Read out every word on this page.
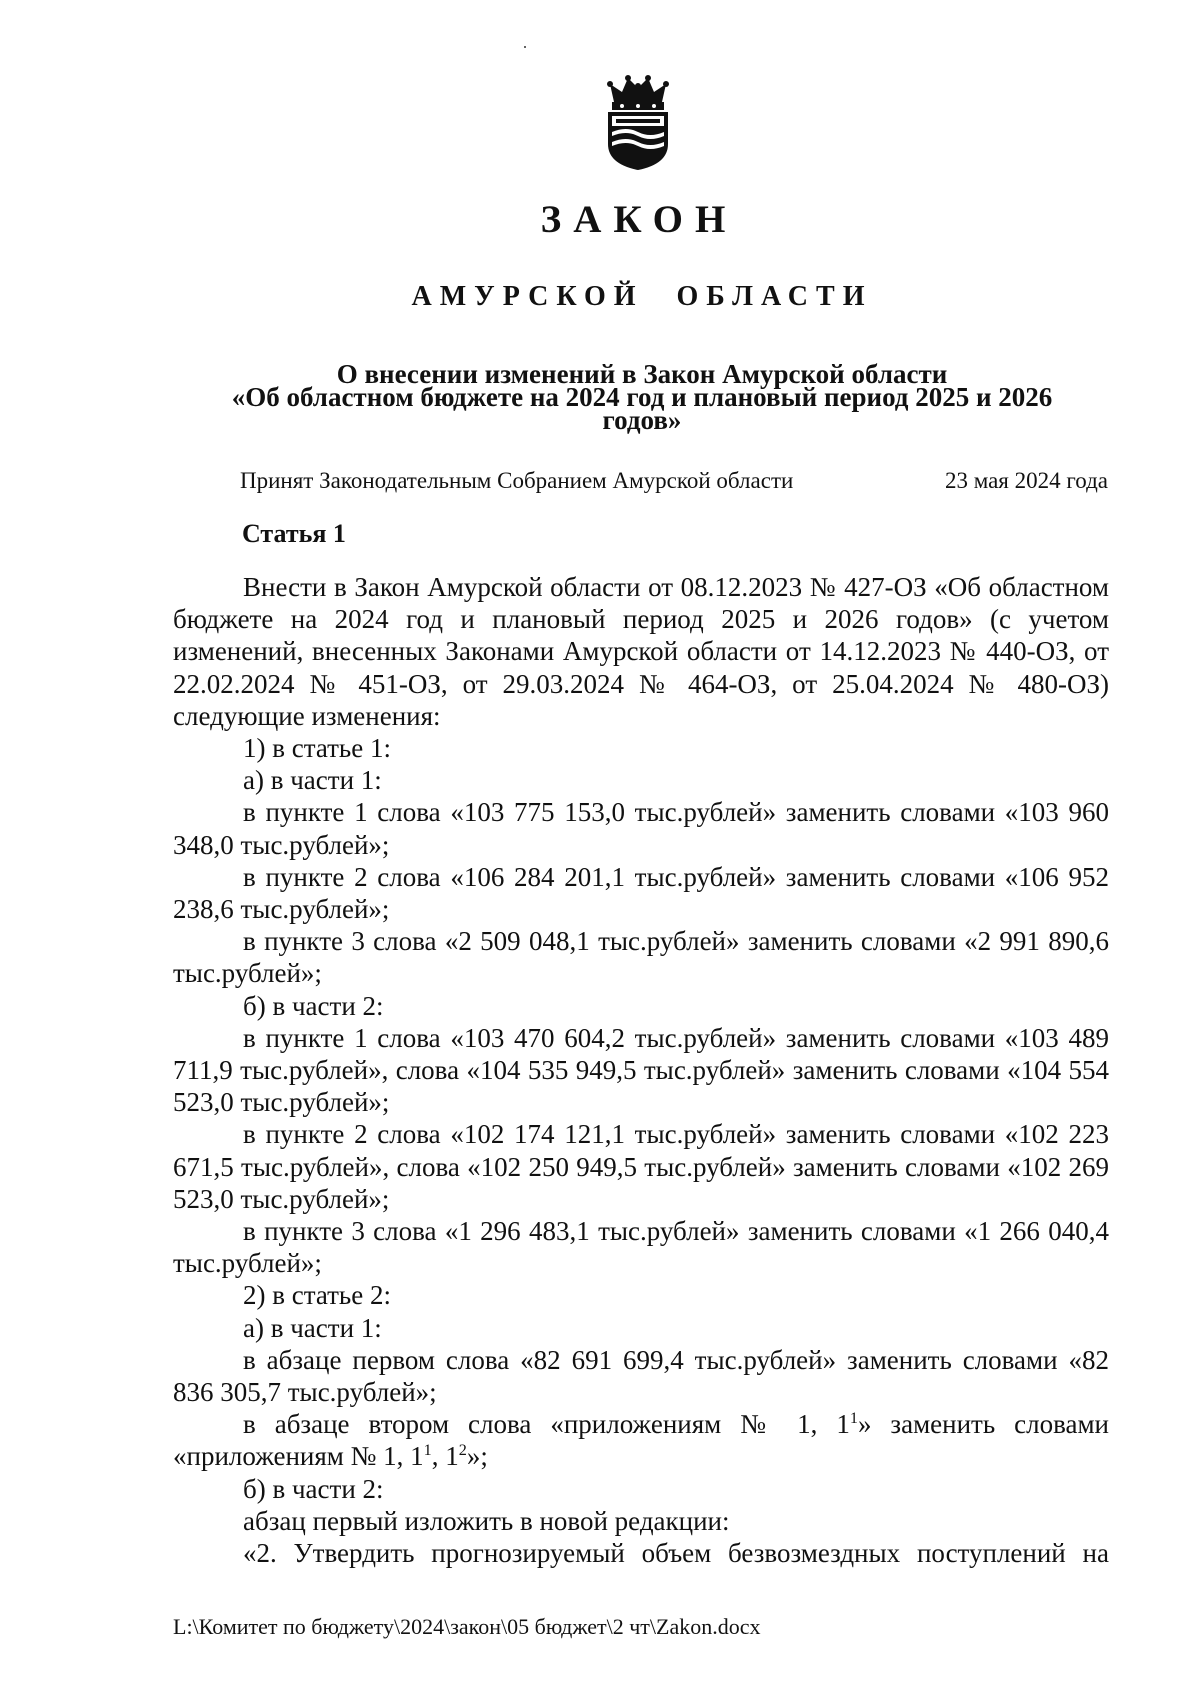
ЗАКОН
АМУРСКОЙ ОБЛАСТИ
О внесении изменений в Закон Амурской области
«Об областном бюджете на 2024 год и плановый период 2025 и 2026
годов»
Принят Законодательным Собранием Амурской области	23 мая 2024 года
Статья 1

Внести в Закон Амурской области от 08.12.2023 № 427-ОЗ «Об областном бюджете на 2024 год и плановый период 2025 и 2026 годов» (с учетом изменений, внесенных Законами Амурской области от 14.12.2023 № 440-ОЗ, от 22.02.2024 № 451-ОЗ, от 29.03.2024 № 464-ОЗ, от 25.04.2024 № 480-ОЗ) следующие изменения:

1) в статье 1:

а) в части 1:

в пункте 1 слова «103 775 153,0 тыс.рублей» заменить словами «103 960 348,0 тыс.рублей»;

в пункте 2 слова «106 284 201,1 тыс.рублей» заменить словами «106 952 238,6 тыс.рублей»;

в пункте 3 слова «2 509 048,1 тыс.рублей» заменить словами «2 991 890,6 тыс.рублей»;

б) в части 2:

в пункте 1 слова «103 470 604,2 тыс.рублей» заменить словами «103 489 711,9 тыс.рублей», слова «104 535 949,5 тыс.рублей» заменить словами «104 554 523,0 тыс.рублей»;

в пункте 2 слова «102 174 121,1 тыс.рублей» заменить словами «102 223 671,5 тыс.рублей», слова «102 250 949,5 тыс.рублей» заменить словами «102 269 523,0 тыс.рублей»;

в пункте 3 слова «1 296 483,1 тыс.рублей» заменить словами «1 266 040,4 тыс.рублей»;

2) в статье 2:

а) в части 1:

в абзаце первом слова «82 691 699,4 тыс.рублей» заменить словами «82 836 305,7 тыс.рублей»;

в абзаце втором слова «приложениям № 1, $1^1$» заменить словами «приложениям № 1, $1^1$, $1^2$»;

б) в части 2:

абзац первый изложить в новой редакции:

«2. Утвердить прогнозируемый объем безвозмездных поступлений на

L:\Комитет по бюджету\2024\закон\05 бюджет\2 чт\Zakon.docx
